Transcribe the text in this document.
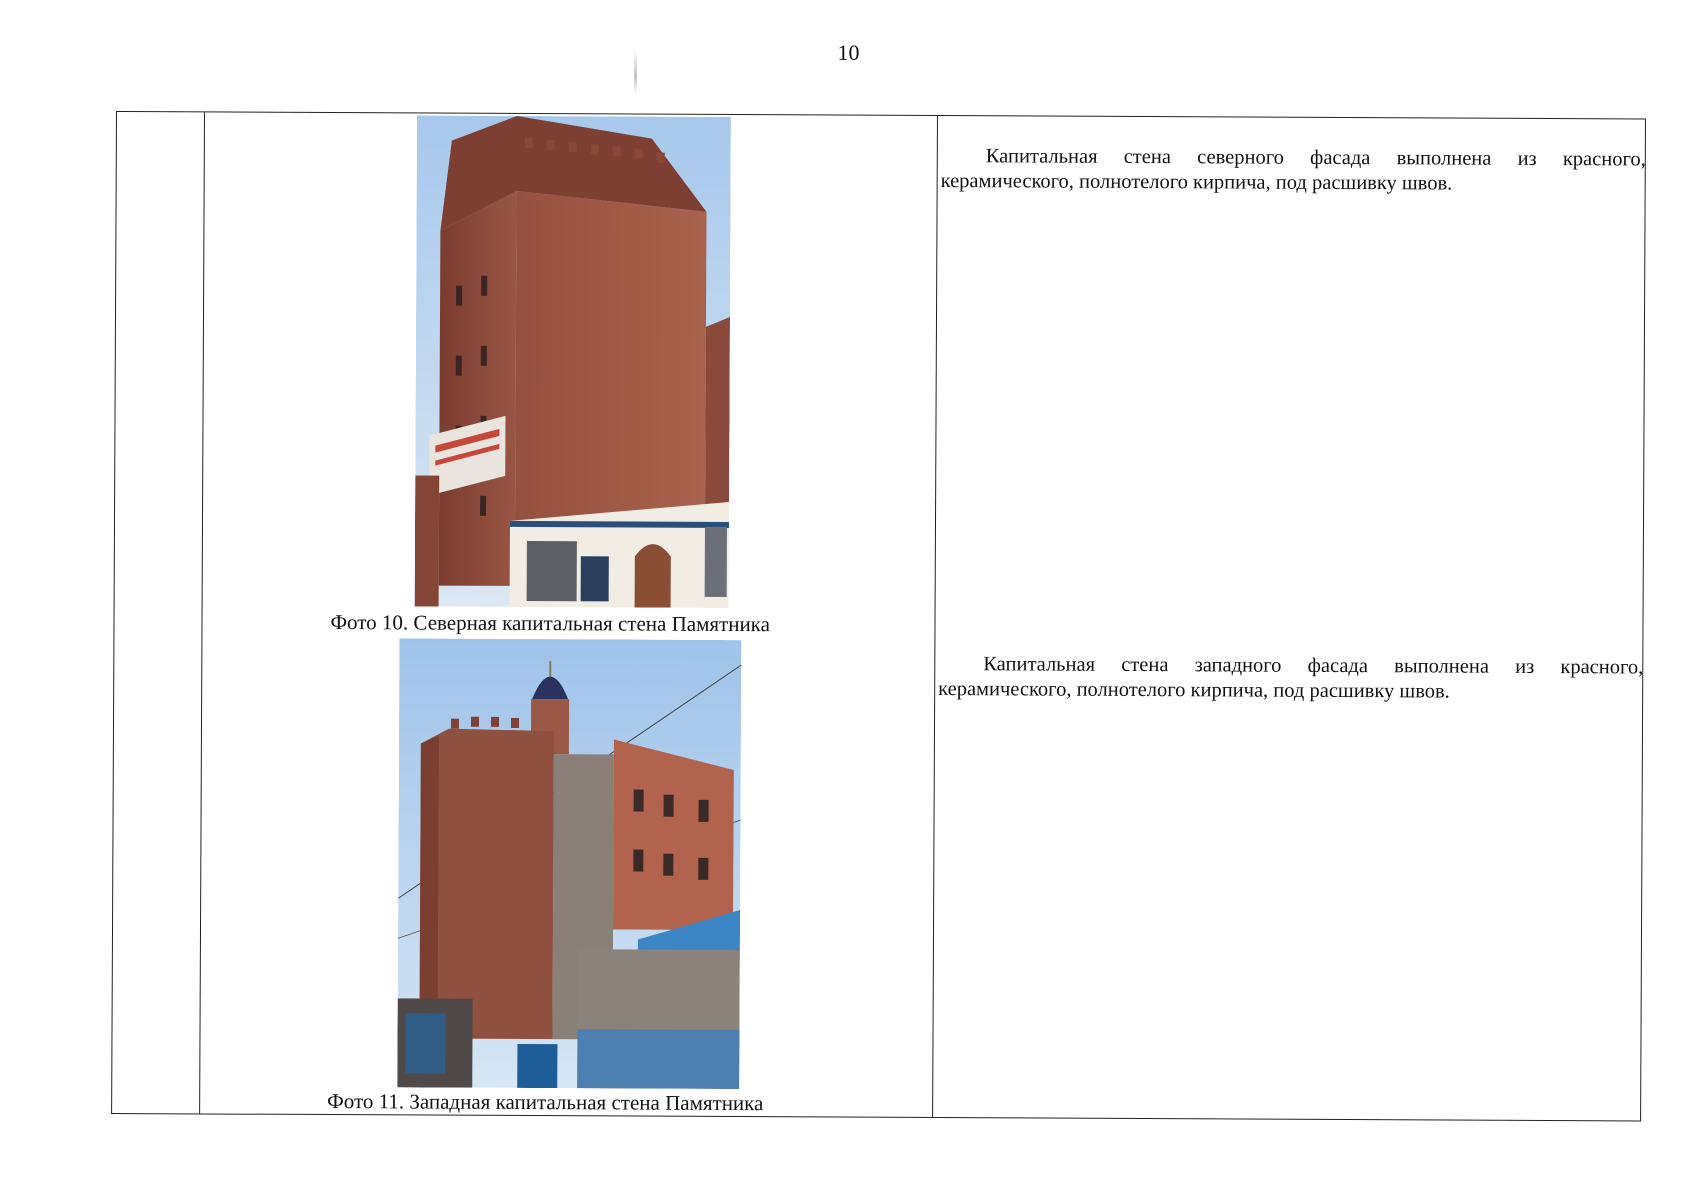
10
Фото 10. Северная капитальная стена Памятника
Фото 11. Западная капитальная стена Памятника
Капитальная стена северного фасада выполнена из красного,
керамического, полнотелого кирпича, под расшивку швов.
Капитальная стена западного фасада выполнена из красного,
керамического, полнотелого кирпича, под расшивку швов.
